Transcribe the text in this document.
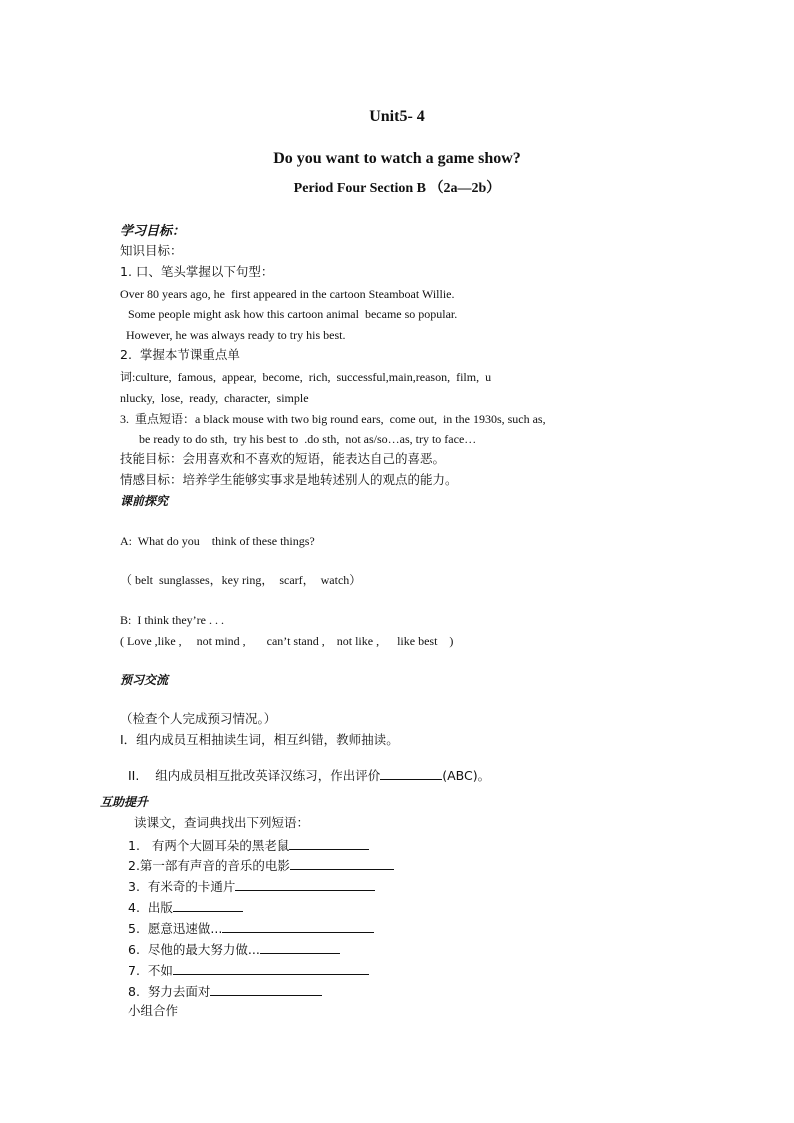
Unit5- 4
Do you want to watch a game show?
Period Four Section B （2a—2b）
学习目标：
知识目标：
1. 口、笔头掌握以下句型：
Over 80 years ago, he  first appeared in the cartoon Steamboat Willie.
Some people might ask how this cartoon animal  became so popular.
However, he was always ready to try his best.
2.  掌握本节课重点单
词:culture,  famous,  appear,  become,  rich,  successful,main,reason,  film,  u
nlucky,  lose,  ready,  character,  simple
3.  重点短语：a black mouse with two big round ears,  come out,  in the 1930s, such as,
be ready to do sth,  try his best to  .do sth,  not as/so…as, try to face…
技能目标：会用喜欢和不喜欢的短语，能表达自己的喜恶。
情感目标：培养学生能够实事求是地转述别人的观点的能力。
课前探究
A:  What do you    think of these things?
（ belt  sunglasses，key ring，  scarf，  watch）
B:  I think they’re . . .
( Love ,like ,     not mind ,       can’t stand ,    not like ,      like best    )
预习交流
（检查个人完成预习情况。）
I．组内成员互相抽读生词，相互纠错，教师抽读。

II.    组内成员相互批改英译汉练习，作出评价	(ABC)。

互助提升
读课文，查词典找出下列短语：
1.   有两个大圆耳朵的黑老鼠
2.第一部有声音的音乐的电影
3.  有米奇的卡通片
4.  出版
5.  愿意迅速做...
6.  尽他的最大努力做...
7.  不如
8.  努力去面对
小组合作
